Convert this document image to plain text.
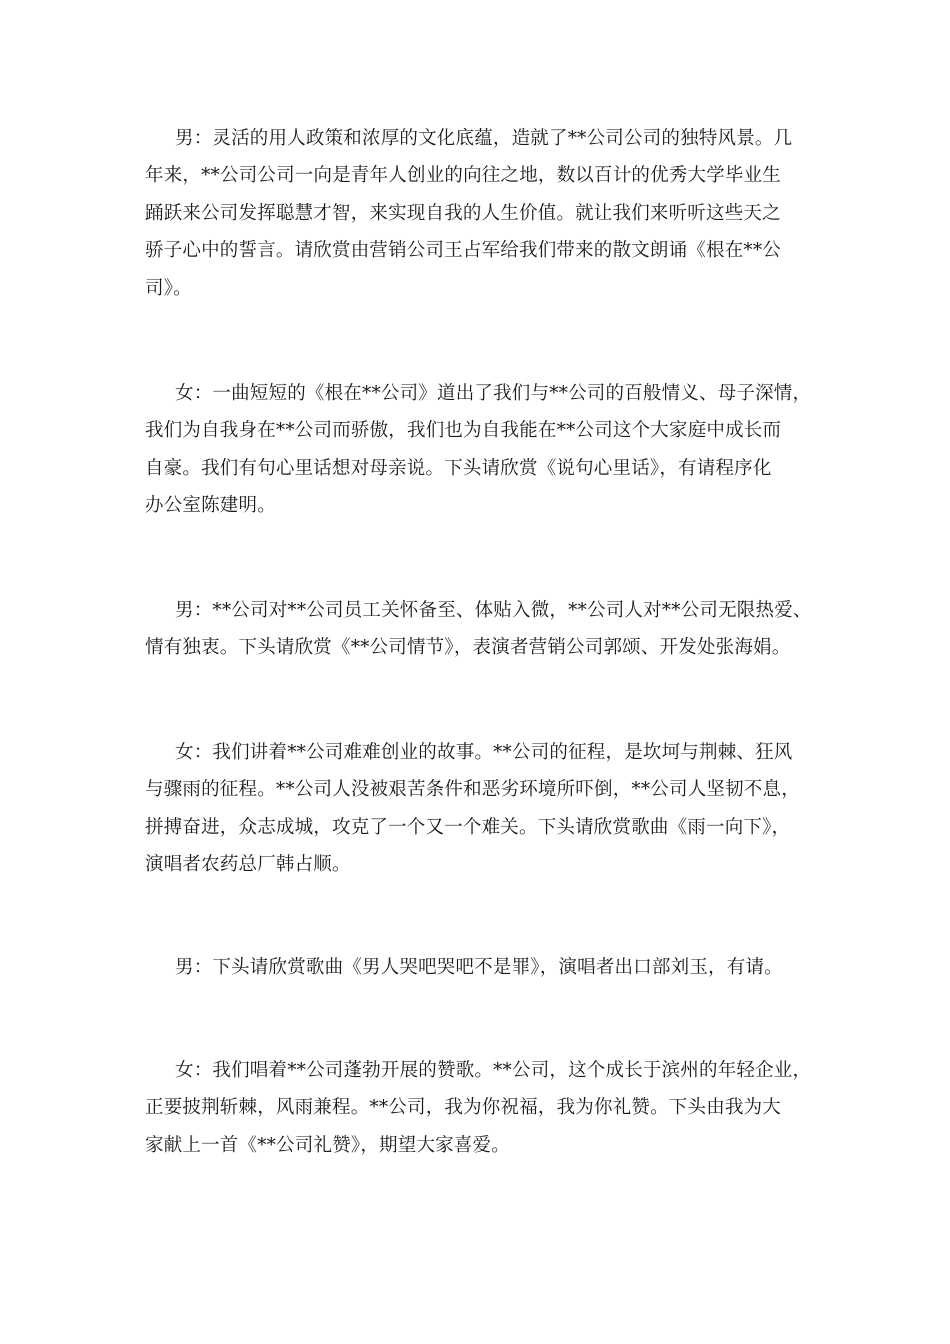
男：灵活的用人政策和浓厚的文化底蕴，造就了**公司公司的独特风景。几
年来，**公司公司一向是青年人创业的向往之地，数以百计的优秀大学毕业生
踊跃来公司发挥聪慧才智，来实现自我的人生价值。就让我们来听听这些天之
骄子心中的誓言。请欣赏由营销公司王占军给我们带来的散文朗诵《根在**公
司》。
女：一曲短短的《根在**公司》道出了我们与**公司的百般情义、母子深情，
我们为自我身在**公司而骄傲，我们也为自我能在**公司这个大家庭中成长而
自豪。我们有句心里话想对母亲说。下头请欣赏《说句心里话》，有请程序化
办公室陈建明。
男：**公司对**公司员工关怀备至、体贴入微，**公司人对**公司无限热爱、
情有独衷。下头请欣赏《**公司情节》，表演者营销公司郭颂、开发处张海娟。
女：我们讲着**公司难难创业的故事。**公司的征程，是坎坷与荆棘、狂风
与骤雨的征程。**公司人没被艰苦条件和恶劣环境所吓倒，**公司人坚韧不息，
拼搏奋进，众志成城，攻克了一个又一个难关。下头请欣赏歌曲《雨一向下》，
演唱者农药总厂韩占顺。
男：下头请欣赏歌曲《男人哭吧哭吧不是罪》，演唱者出口部刘玉，有请。
女：我们唱着**公司蓬勃开展的赞歌。**公司，这个成长于滨州的年轻企业，
正要披荆斩棘，风雨兼程。**公司，我为你祝福，我为你礼赞。下头由我为大
家献上一首《**公司礼赞》，期望大家喜爱。
